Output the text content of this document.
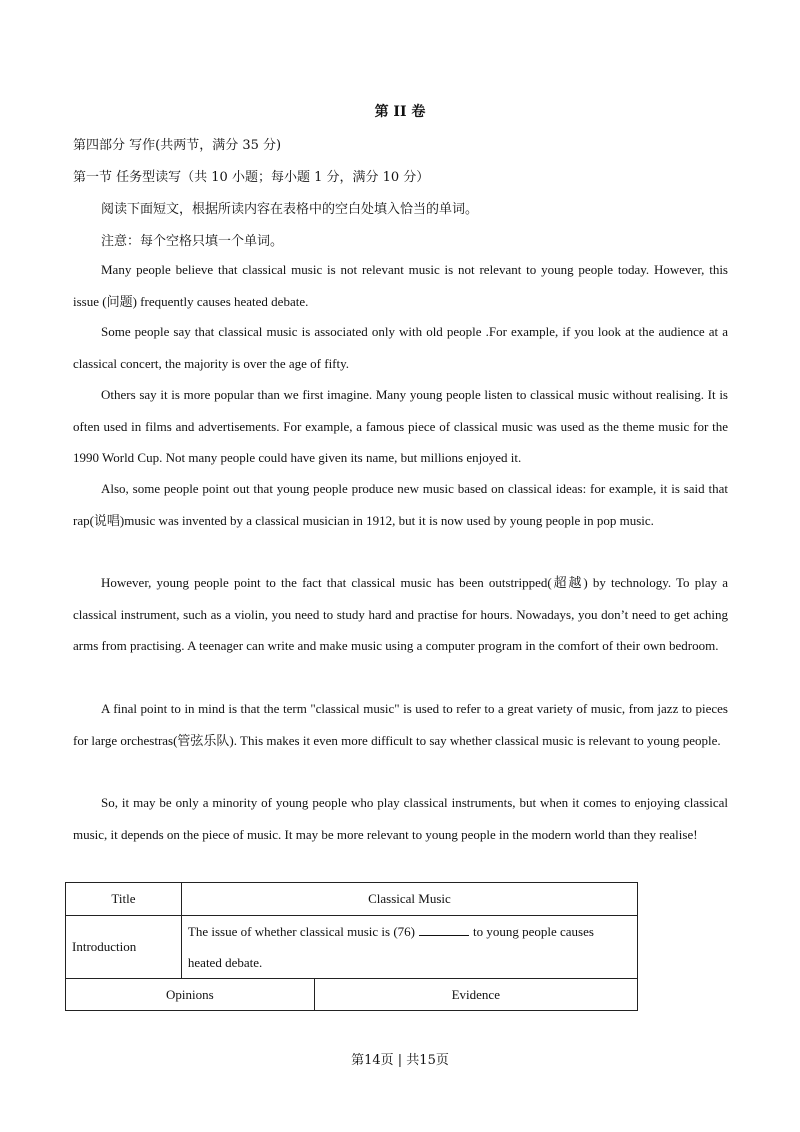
第 II 卷
第四部分 写作(共两节，满分 35 分)
第一节 任务型读写（共 10 小题；每小题 1 分，满分 10 分）
阅读下面短文，根据所读内容在表格中的空白处填入恰当的单词。
注意：每个空格只填一个单词。
Many people believe that classical music is not relevant music is not relevant to young people today. However, this issue (问题) frequently causes heated debate.
Some people say that classical music is associated only with old people .For example, if you look at the audience at a classical concert, the majority is over the age of fifty.
Others say it is more popular than we first imagine. Many young people listen to classical music without realising. It is often used in films and advertisements. For example, a famous piece of classical music was used as the theme music for the 1990 World Cup. Not many people could have given its name, but millions enjoyed it.
Also, some people point out that young people produce new music based on classical ideas: for example, it is said that rap(说唱)music was invented by a classical musician in 1912, but it is now used by young people in pop music.
However, young people point to the fact that classical music has been outstripped(超越) by technology. To play a classical instrument, such as a violin, you need to study hard and practise for hours. Nowadays, you don’t need to get aching arms from practising. A teenager can write and make music using a computer program in the comfort of their own bedroom.
A final point to in mind is that the term "classical music" is used to refer to a great variety of music, from jazz to pieces for large orchestras(管弦乐队). This makes it even more difficult to say whether classical music is relevant to young people.
So, it may be only a minority of young people who play classical instruments, but when it comes to enjoying classical music, it depends on the piece of music. It may be more relevant to young people in the modern world than they realise!
Title	Classical Music	
Introduction	The issue of whether classical music is (76) to young people causes heated debate.	
Opinions		Evidence
第14页 | 共15页
